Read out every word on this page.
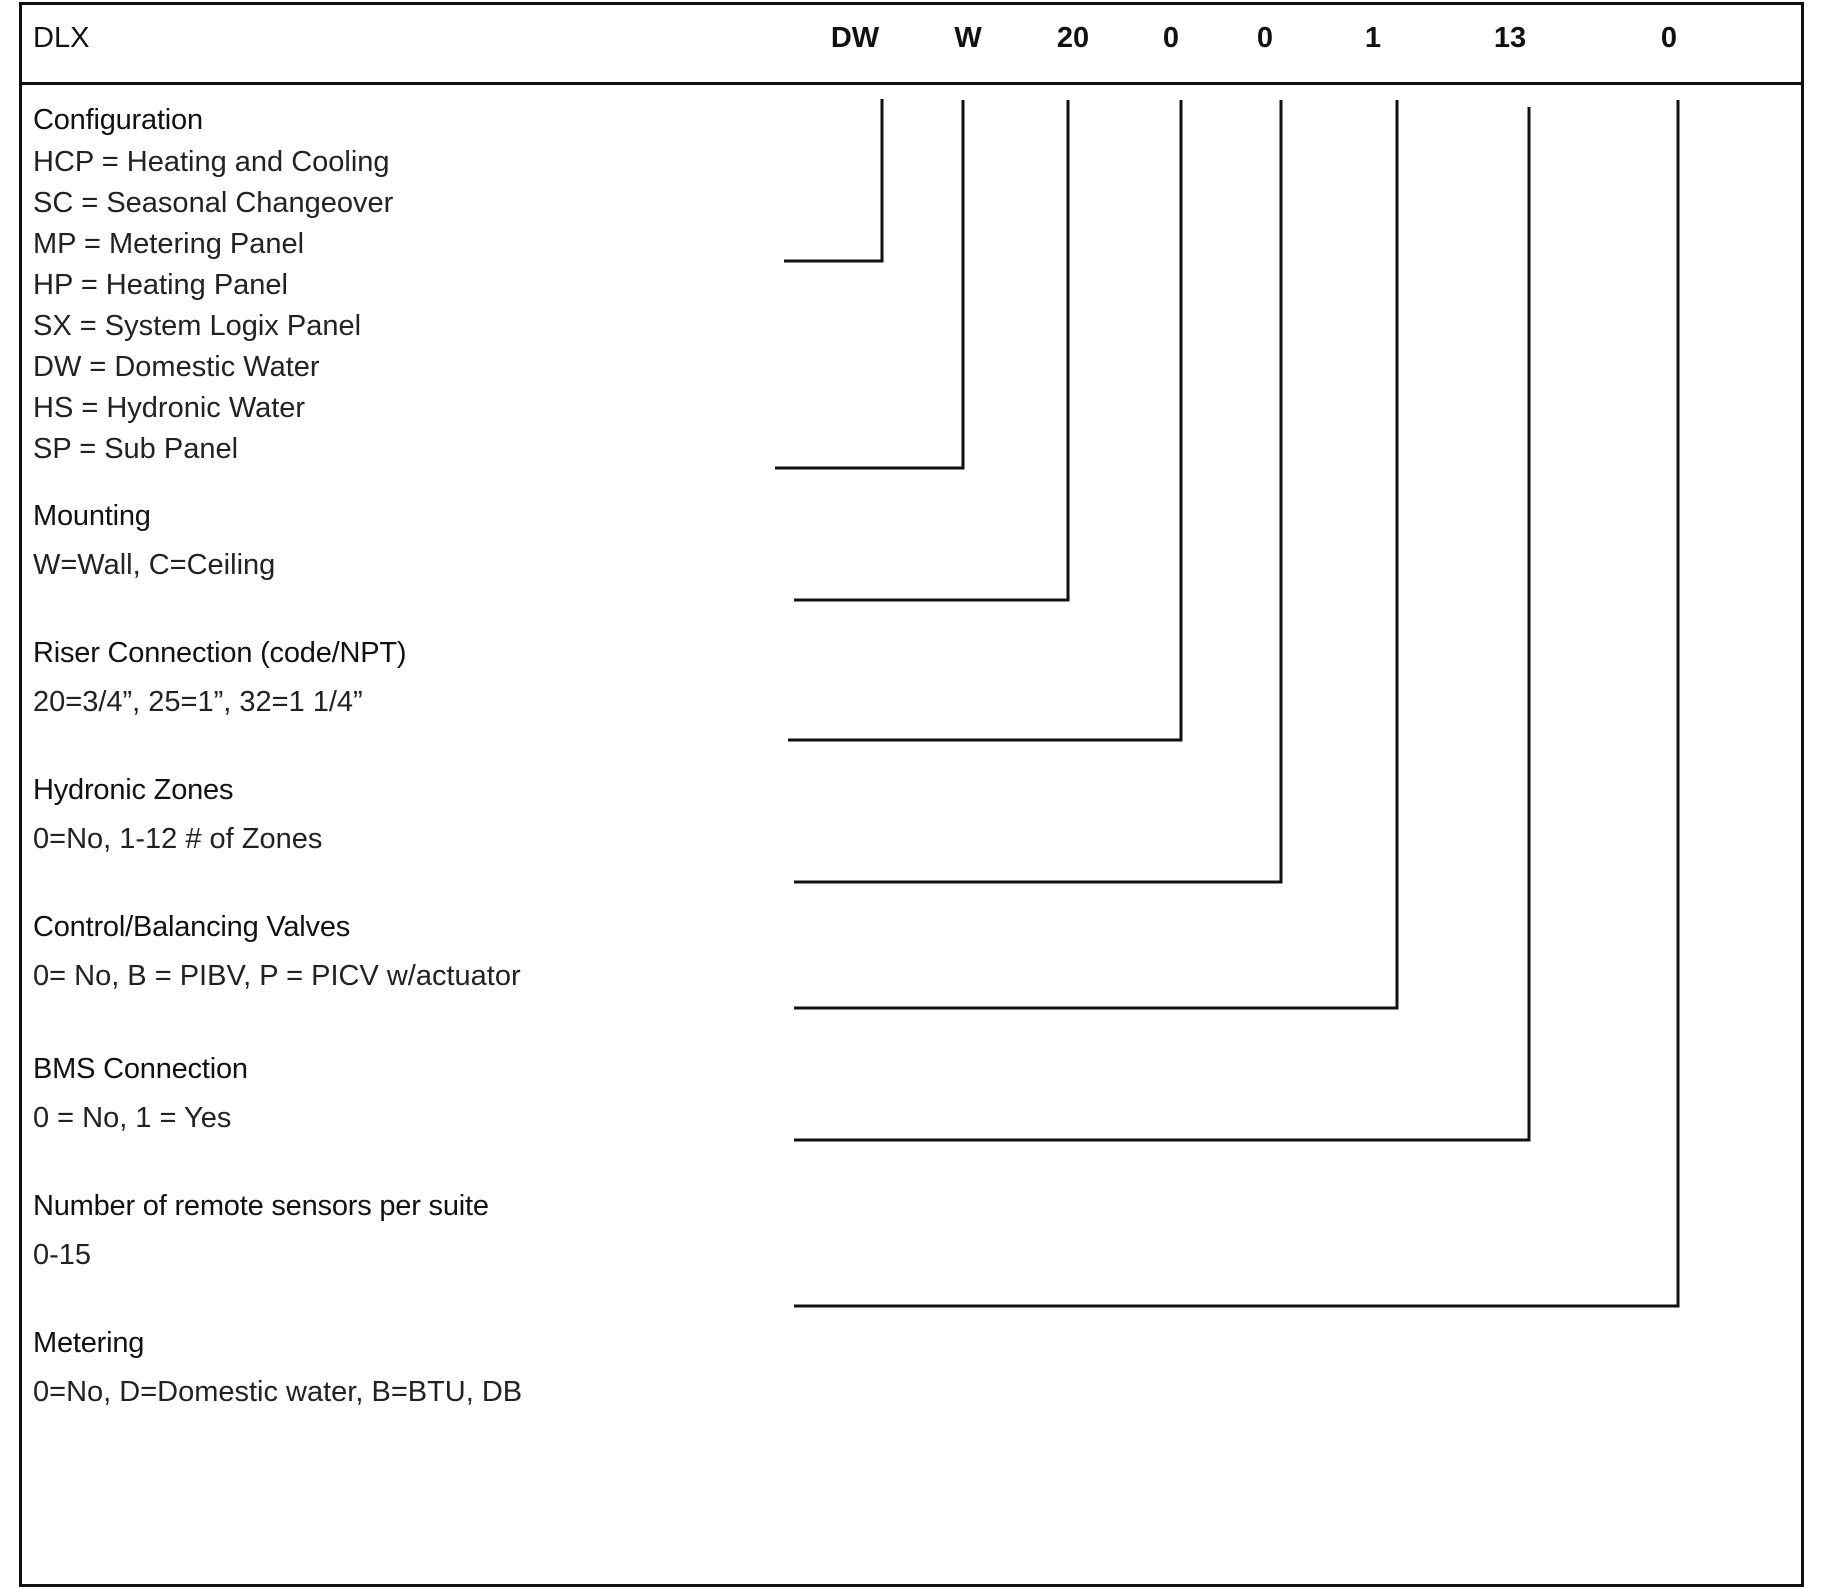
DLX	DW	W	20	0	0	1	13	0
Configuration
HCP = Heating and Cooling
SC = Seasonal Changeover
MP = Metering Panel
HP = Heating Panel
SX = System Logix Panel
DW = Domestic Water
HS = Hydronic Water
SP = Sub Panel
Mounting
W=Wall, C=Ceiling
Riser Connection (code/NPT)
20=3/4”, 25=1”, 32=1 1/4”
Hydronic Zones
0=No, 1-12 # of Zones
Control/Balancing Valves
0= No, B = PIBV, P = PICV w/actuator
BMS Connection
0 = No, 1 = Yes
Number of remote sensors per suite
0-15
Metering
0=No, D=Domestic water, B=BTU, DB
